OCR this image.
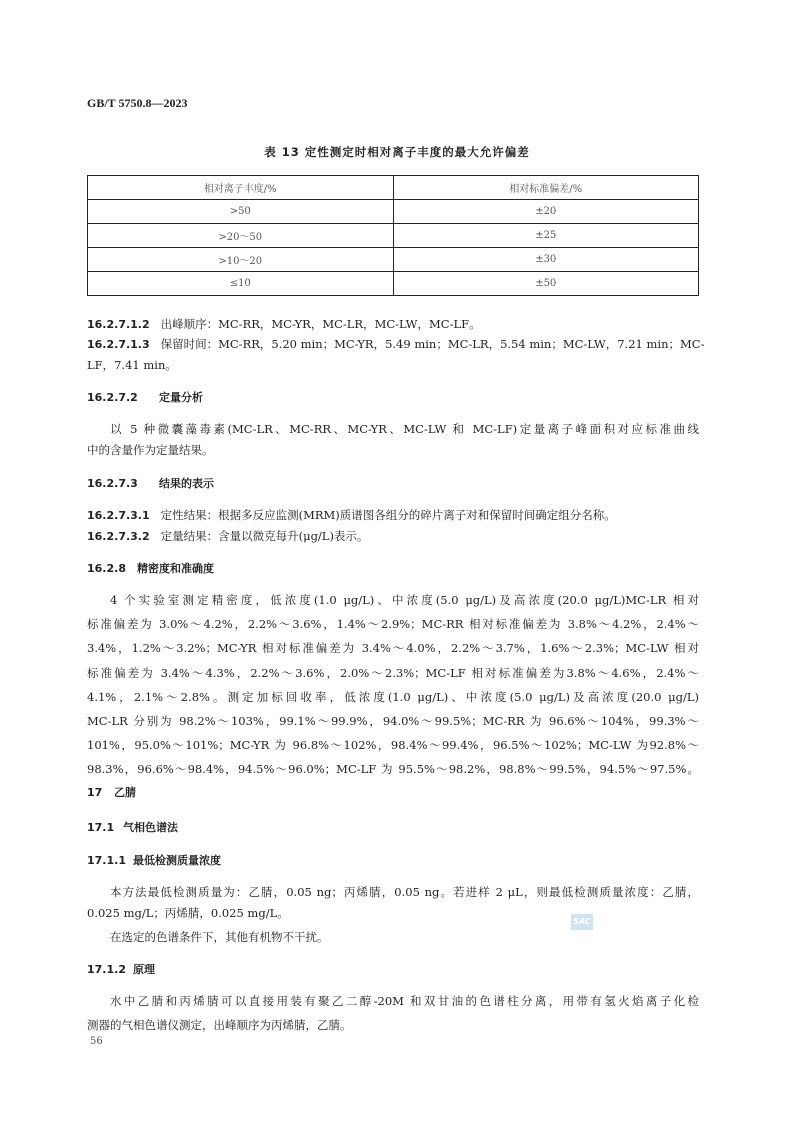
GB/T 5750.8—2023
表 13 定性测定时相对离子丰度的最大允许偏差
相对离子丰度/%	相对标准偏差/%
>50	±20
>20～50	±25
>10～20	±30
≤10	±50
16.2.7.1.2 出峰顺序：MC-RR，MC-YR，MC-LR，MC-LW，MC-LF。
16.2.7.1.3 保留时间：MC-RR，5.20 min；MC-YR，5.49 min；MC-LR，5.54 min；MC-LW，7.21 min；MC-
LF，7.41 min。
16.2.7.2 定量分析
以 5 种微囊藻毒素(MC-LR、MC-RR、MC-YR、MC-LW 和 MC-LF)定量离子峰面积对应标准曲线
中的含量作为定量结果。
16.2.7.3 结果的表示
16.2.7.3.1 定性结果：根据多反应监测(MRM)质谱图各组分的碎片离子对和保留时间确定组分名称。
16.2.7.3.2 定量结果：含量以微克每升(μg/L)表示。
16.2.8 精密度和准确度
4 个实验室测定精密度，低浓度(1.0 μg/L)、中浓度(5.0 μg/L)及高浓度(20.0 μg/L)MC-LR 相对
标准偏差为 3.0%～4.2%，2.2%～3.6%，1.4%～2.9%；MC-RR 相对标准偏差为 3.8%～4.2%，2.4%～
3.4%，1.2%～3.2%；MC-YR 相对标准偏差为 3.4%～4.0%，2.2%～3.7%，1.6%～2.3%；MC-LW 相对
标准偏差为 3.4%～4.3%，2.2%～3.6%，2.0%～2.3%；MC-LF 相对标准偏差为3.8%～4.6%，2.4%～
4.1%，2.1%～2.8%。测定加标回收率，低浓度(1.0 μg/L)、中浓度(5.0 μg/L)及高浓度(20.0 μg/L)
MC-LR 分别为 98.2%～103%，99.1%～99.9%，94.0%～99.5%；MC-RR 为 96.6%～104%，99.3%～
101%，95.0%～101%；MC-YR 为 96.8%～102%，98.4%～99.4%，96.5%～102%；MC-LW 为92.8%～
98.3%，96.6%～98.4%，94.5%～96.0%；MC-LF 为 95.5%～98.2%，98.8%～99.5%，94.5%～97.5%。
17 乙腈
17.1 气相色谱法
17.1.1 最低检测质量浓度
本方法最低检测质量为：乙腈，0.05 ng；丙烯腈，0.05 ng。若进样 2 μL，则最低检测质量浓度：乙腈，
0.025 mg/L；丙烯腈，0.025 mg/L。
在选定的色谱条件下，其他有机物不干扰。
SAC
17.1.2 原理
水中乙腈和丙烯腈可以直接用装有聚乙二醇-20M 和双甘油的色谱柱分离，用带有氢火焰离子化检
测器的气相色谱仪测定，出峰顺序为丙烯腈，乙腈。
56
